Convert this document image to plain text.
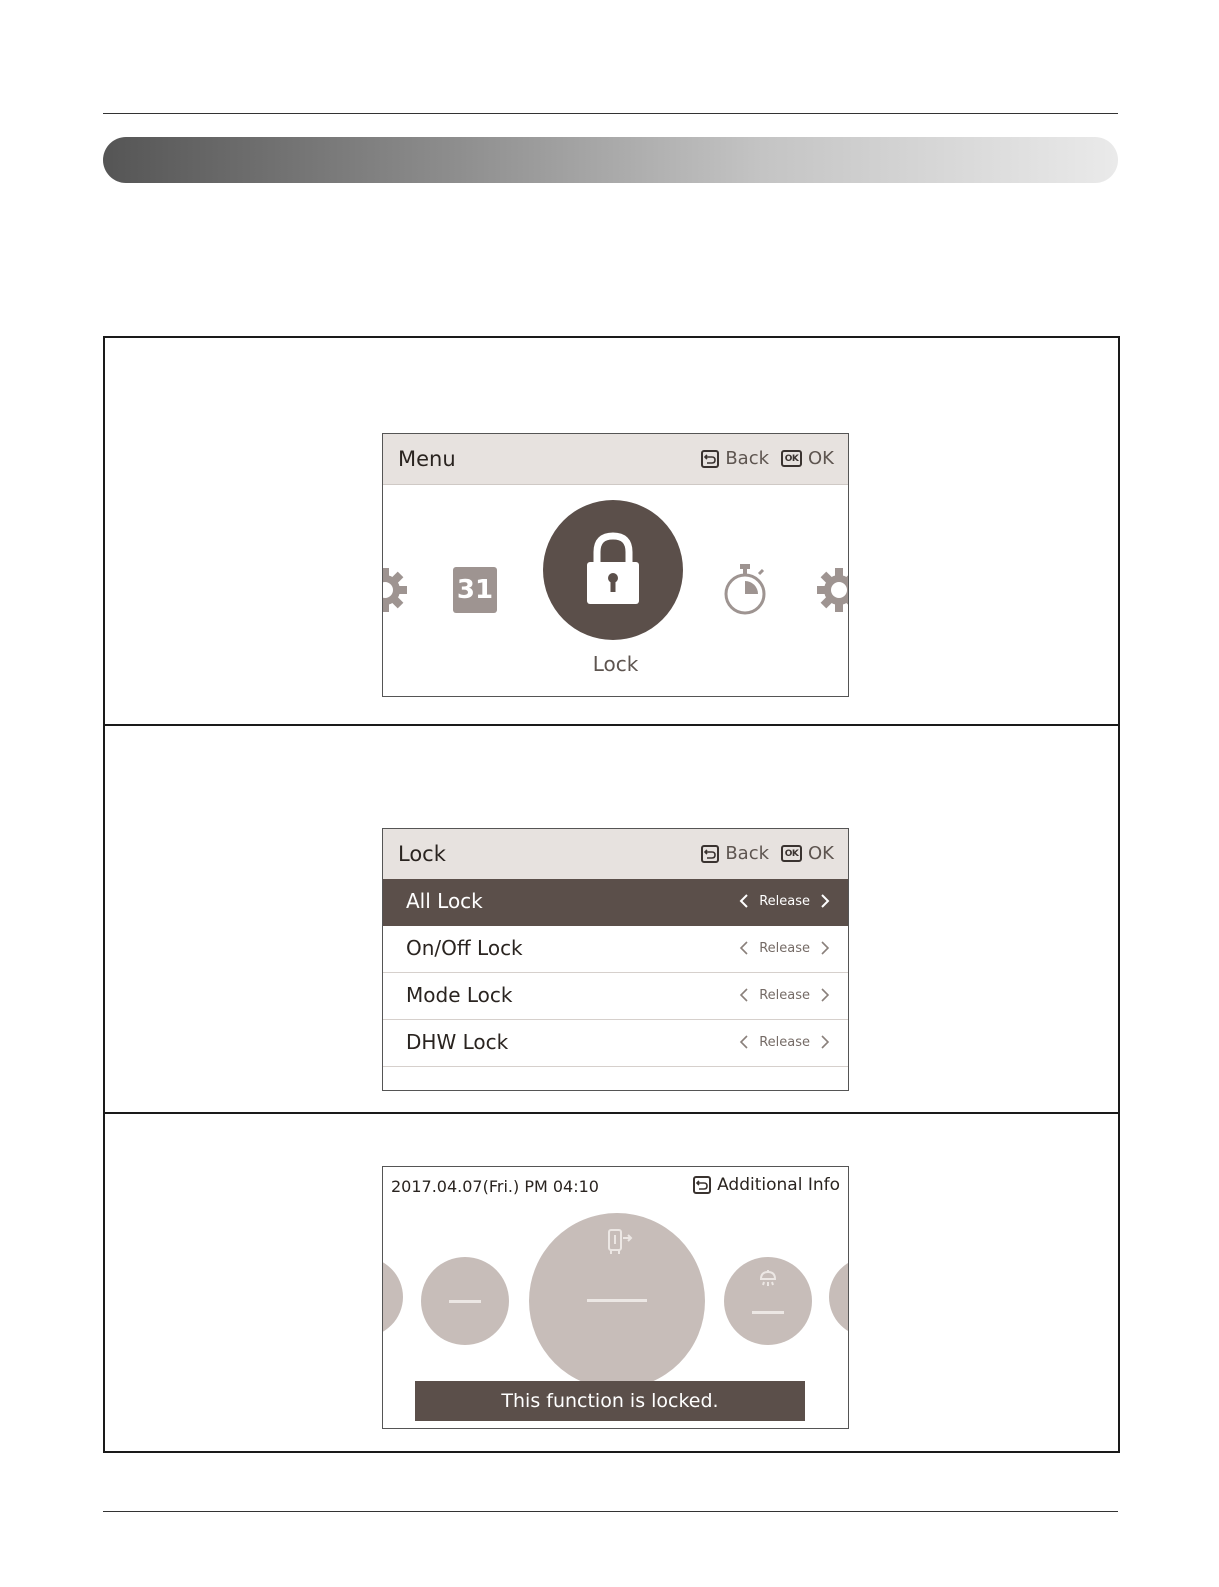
Menu	Back	OK OK
31
Lock
Lock	Back	OK OK
All Lock	Release
On/Off Lock	Release
Mode Lock	Release
DHW Lock	Release
2017.04.07(Fri.) PM 04:10	Additional Info
This function is locked.
